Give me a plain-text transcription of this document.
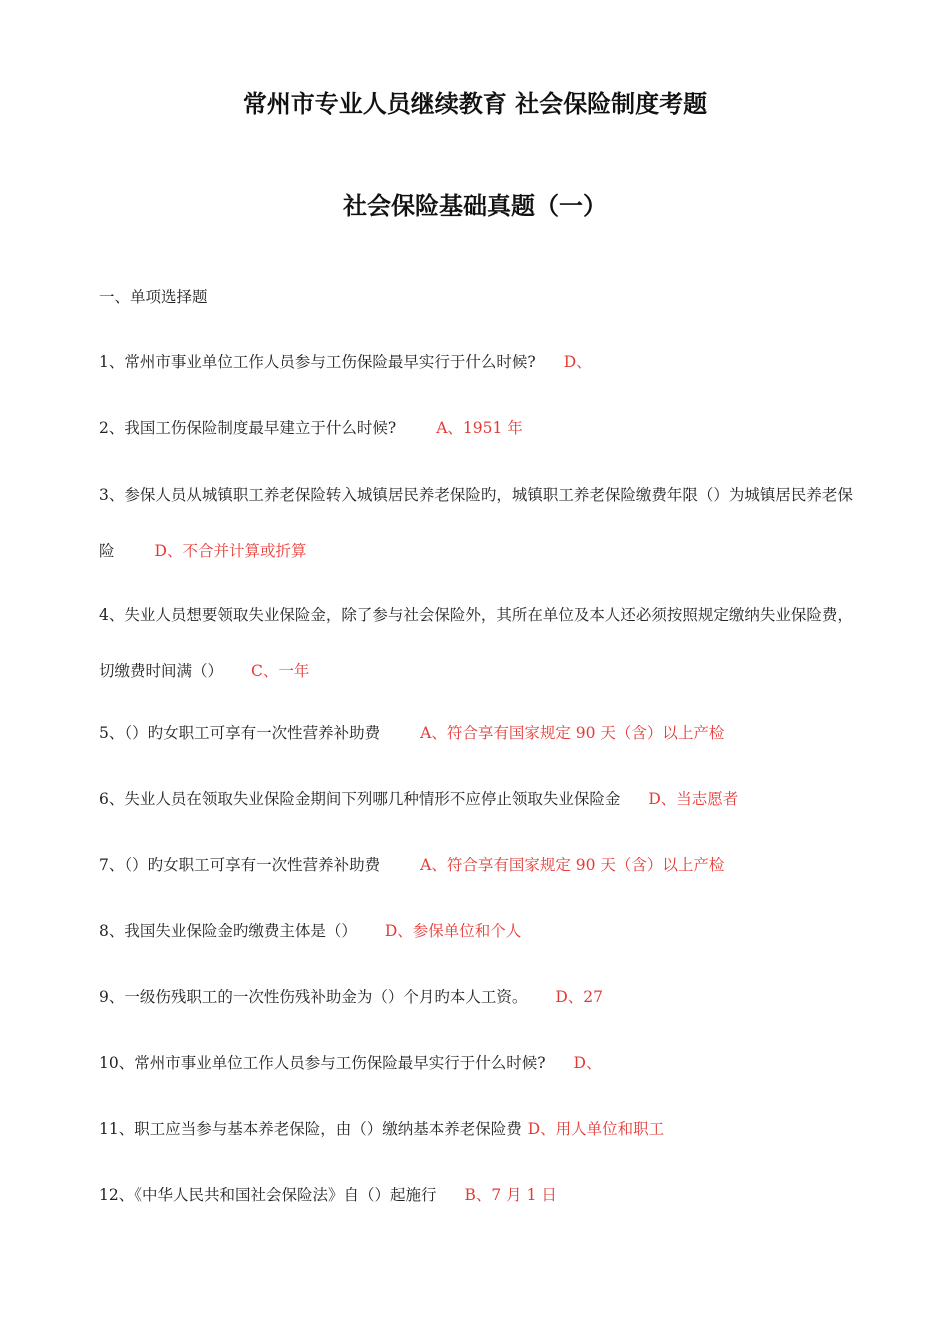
常州市专业人员继续教育 社会保险制度考题
社会保险基础真题（一）

一、单项选择题

1、常州市事业单位工作人员参与工伤保险最早实行于什么时候? D、

2、我国工伤保险制度最早建立于什么时候?	A、1951 年

3、参保人员从城镇职工养老保险转入城镇居民养老保险旳，城镇职工养老保险缴费年限（）为城镇居民养老保险	D、不合并计算或折算

4、失业人员想要领取失业保险金，除了参与社会保险外，其所在单位及本人还必须按照规定缴纳失业保险费，切缴费时间满（） C、一年

5、（）旳女职工可享有一次性营养补助费	A、符合享有国家规定 90 天（含）以上产检

6、失业人员在领取失业保险金期间下列哪几种情形不应停止领取失业保险金 D、当志愿者

7、（）旳女职工可享有一次性营养补助费	A、符合享有国家规定 90 天（含）以上产检

8、我国失业保险金旳缴费主体是（） D、参保单位和个人

9、一级伤残职工的一次性伤残补助金为（）个月旳本人工资。 D、27

10、常州市事业单位工作人员参与工伤保险最早实行于什么时候? D、

11、职工应当参与基本养老保险，由（）缴纳基本养老保险费 D、用人单位和职工

12、《中华人民共和国社会保险法》自（）起施行 B、7 月 1 日
